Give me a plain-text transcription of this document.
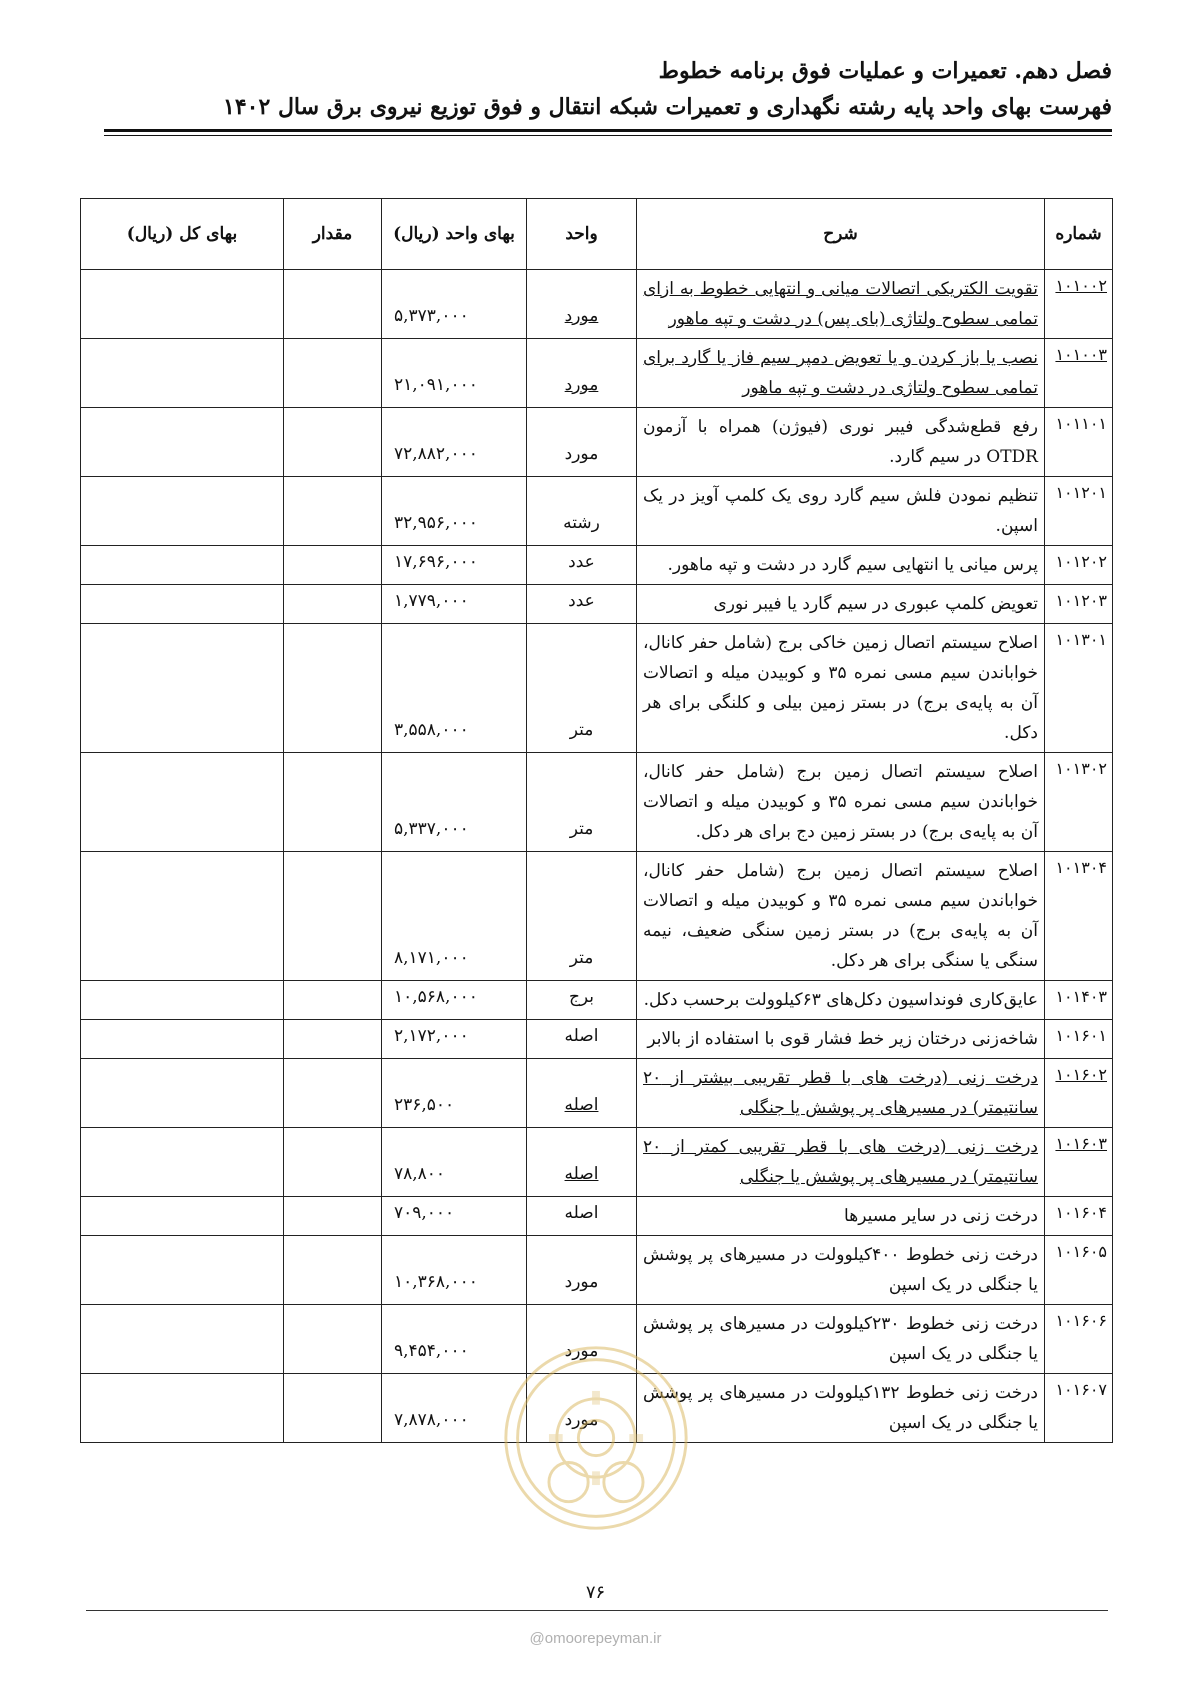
فصل دهم. تعمیرات و عملیات فوق برنامه خطوط
فهرست بهای واحد پایه رشته نگهداری و تعمیرات شبکه انتقال و فوق توزیع نیروی برق سال ۱۴۰۲
شماره	شرح	واحد	بهای واحد (ریال)	مقدار	بهای کل (ریال)
۱۰۱۰۰۲	تقویت الکتریکی اتصالات میانی و انتهایی خطوط به ازای تمامی سطوح ولتاژی (بای پس) در دشت و تپه ماهور	مورد	۵,۳۷۳,۰۰۰		
۱۰۱۰۰۳	نصب یا باز کردن و یا تعویض دمپر سیم فاز یا گارد برای تمامی سطوح ولتاژی در دشت و تپه ماهور	مورد	۲۱,۰۹۱,۰۰۰		
۱۰۱۱۰۱	رفع قطع‌شدگی فیبر نوری (فیوژن) همراه با آزمون OTDR در سیم گارد.	مورد	۷۲,۸۸۲,۰۰۰		
۱۰۱۲۰۱	تنظیم نمودن فلش سیم گارد روی یک کلمپ آویز در یک اسپن.	رشته	۳۲,۹۵۶,۰۰۰		
۱۰۱۲۰۲	پرس میانی یا انتهایی سیم گارد در دشت و تپه ماهور.	عدد	۱۷,۶۹۶,۰۰۰		
۱۰۱۲۰۳	تعویض کلمپ عبوری در سیم گارد یا فیبر نوری	عدد	۱,۷۷۹,۰۰۰		
۱۰۱۳۰۱	اصلاح سیستم اتصال زمین خاکی برج (شامل حفر کانال، خواباندن سیم مسی نمره ۳۵ و کوبیدن میله و اتصالات آن به پایه‌ی برج) در بستر زمین بیلی و کلنگی برای هر دکل.	متر	۳,۵۵۸,۰۰۰		
۱۰۱۳۰۲	اصلاح سیستم اتصال زمین برج (شامل حفر کانال، خواباندن سیم مسی نمره ۳۵ و کوبیدن میله و اتصالات آن به پایه‌ی برج) در بستر زمین دج برای هر دکل.	متر	۵,۳۳۷,۰۰۰		
۱۰۱۳۰۴	اصلاح سیستم اتصال زمین برج (شامل حفر کانال، خواباندن سیم مسی نمره ۳۵ و کوبیدن میله و اتصالات آن به پایه‌ی برج) در بستر زمین سنگی ضعیف، نیمه سنگی یا سنگی برای هر دکل.	متر	۸,۱۷۱,۰۰۰		
۱۰۱۴۰۳	عایق‌کاری فونداسیون دکل‌های ۶۳کیلوولت برحسب دکل.	برج	۱۰,۵۶۸,۰۰۰		
۱۰۱۶۰۱	شاخه‌زنی درختان زیر خط فشار قوی با استفاده از بالابر	اصله	۲,۱۷۲,۰۰۰		
۱۰۱۶۰۲	درخت زنی (درخت های با قطر تقریبی بیشتر از ۲۰ سانتیمتر) در مسیرهای پر پوشش یا جنگلی	اصله	۲۳۶,۵۰۰		
۱۰۱۶۰۳	درخت زنی (درخت های با قطر تقریبی کمتر از ۲۰ سانتیمتر) در مسیرهای پر پوشش یا جنگلی	اصله	۷۸,۸۰۰		
۱۰۱۶۰۴	درخت زنی در سایر مسیرها	اصله	۷۰۹,۰۰۰		
۱۰۱۶۰۵	درخت زنی خطوط ۴۰۰کیلوولت در مسیرهای پر پوشش یا جنگلی در یک اسپن	مورد	۱۰,۳۶۸,۰۰۰		
۱۰۱۶۰۶	درخت زنی خطوط ۲۳۰کیلوولت در مسیرهای پر پوشش یا جنگلی در یک اسپن	مورد	۹,۴۵۴,۰۰۰		
۱۰۱۶۰۷	درخت زنی خطوط ۱۳۲کیلوولت در مسیرهای پر پوشش یا جنگلی در یک اسپن	مورد	۷,۸۷۸,۰۰۰		
۷۶
@omoorepeyman.ir
